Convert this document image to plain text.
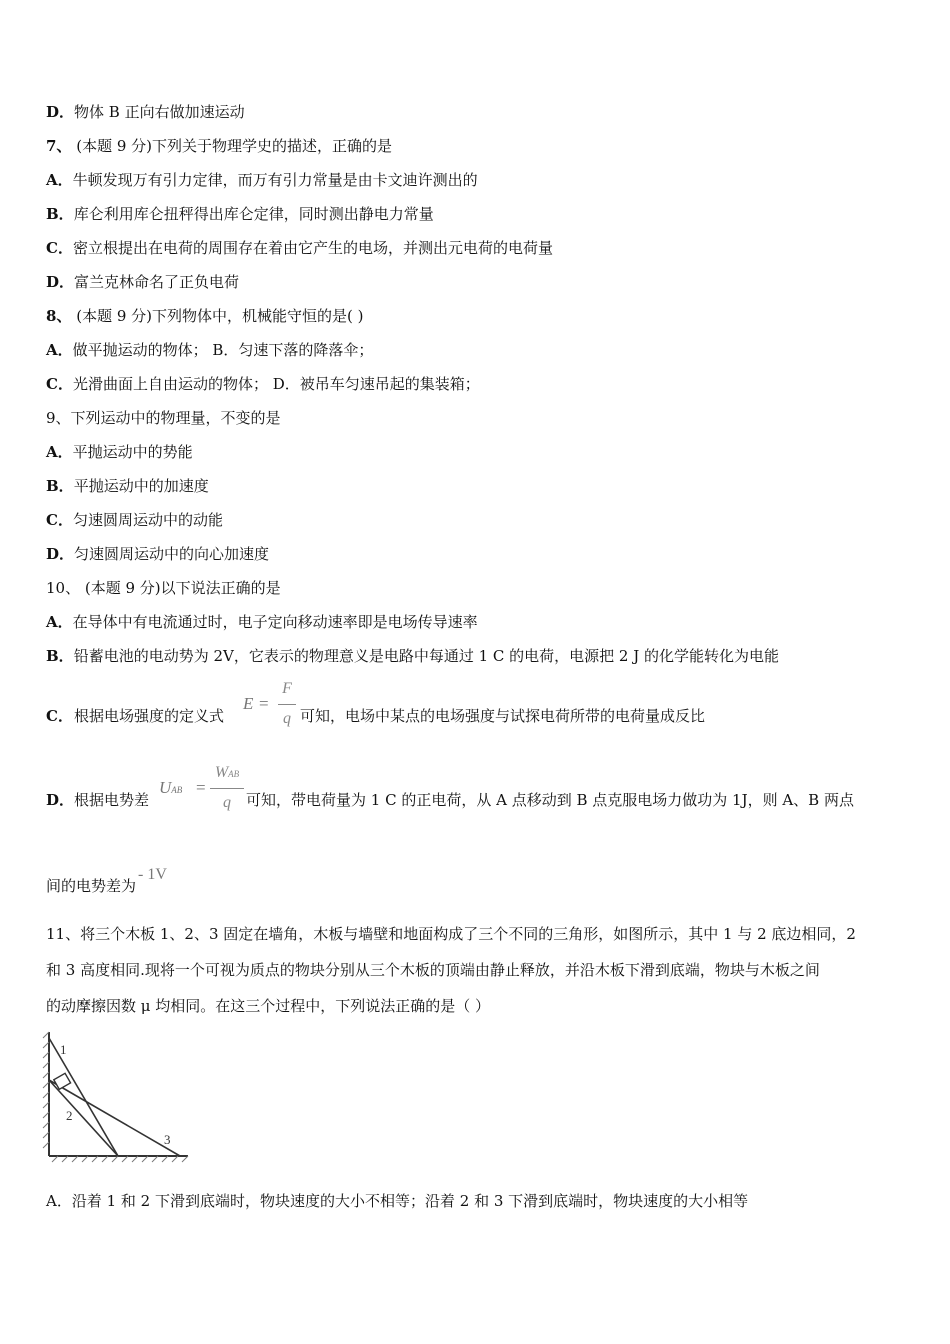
D．物体 B 正向右做加速运动
7、 (本题 9 分)下列关于物理学史的描述，正确的是
A．牛顿发现万有引力定律，而万有引力常量是由卡文迪许测出的
B．库仑利用库仑扭秤得出库仑定律，同时测出静电力常量
C．密立根提出在电荷的周围存在着由它产生的电场，并测出元电荷的电荷量
D．富兰克林命名了正负电荷
8、 (本题 9 分)下列物体中，机械能守恒的是( )
A．做平抛运动的物体； B．匀速下落的降落伞；
C．光滑曲面上自由运动的物体； D．被吊车匀速吊起的集装箱；
9、下列运动中的物理量，不变的是
A．平抛运动中的势能
B．平抛运动中的加速度
C．匀速圆周运动中的动能
D．匀速圆周运动中的向心加速度
10、 (本题 9 分)以下说法正确的是
A．在导体中有电流通过时，电子定向移动速率即是电场传导速率
B．铅蓄电池的电动势为 2V，它表示的物理意义是电路中每通过 1 C 的电荷，电源把 2 J 的化学能转化为电能
C． 根据电场强度的定义式
E =
F
q 可知，电场中某点的电场强度与试探电荷所带的电荷量成反比
D． 根据电势差
UAB =
WAB
q	可知，带电荷量为 1 C 的正电荷，从 A 点移动到 B 点克服电场力做功为 1J，则 A、B 两点
间的电势差为- 1V
11、将三个木板 1、2、3 固定在墙角，木板与墙壁和地面构成了三个不同的三角形，如图所示，其中 1 与 2 底边相同，2
和 3 高度相同.现将一个可视为质点的物块分别从三个木板的顶端由静止释放，并沿木板下滑到底端，物块与木板之间
的动摩擦因数 μ 均相同。在这三个过程中，下列说法正确的是（ ）
1
2
3
A．沿着 1 和 2 下滑到底端时，物块速度的大小不相等；沿着 2 和 3 下滑到底端时，物块速度的大小相等
